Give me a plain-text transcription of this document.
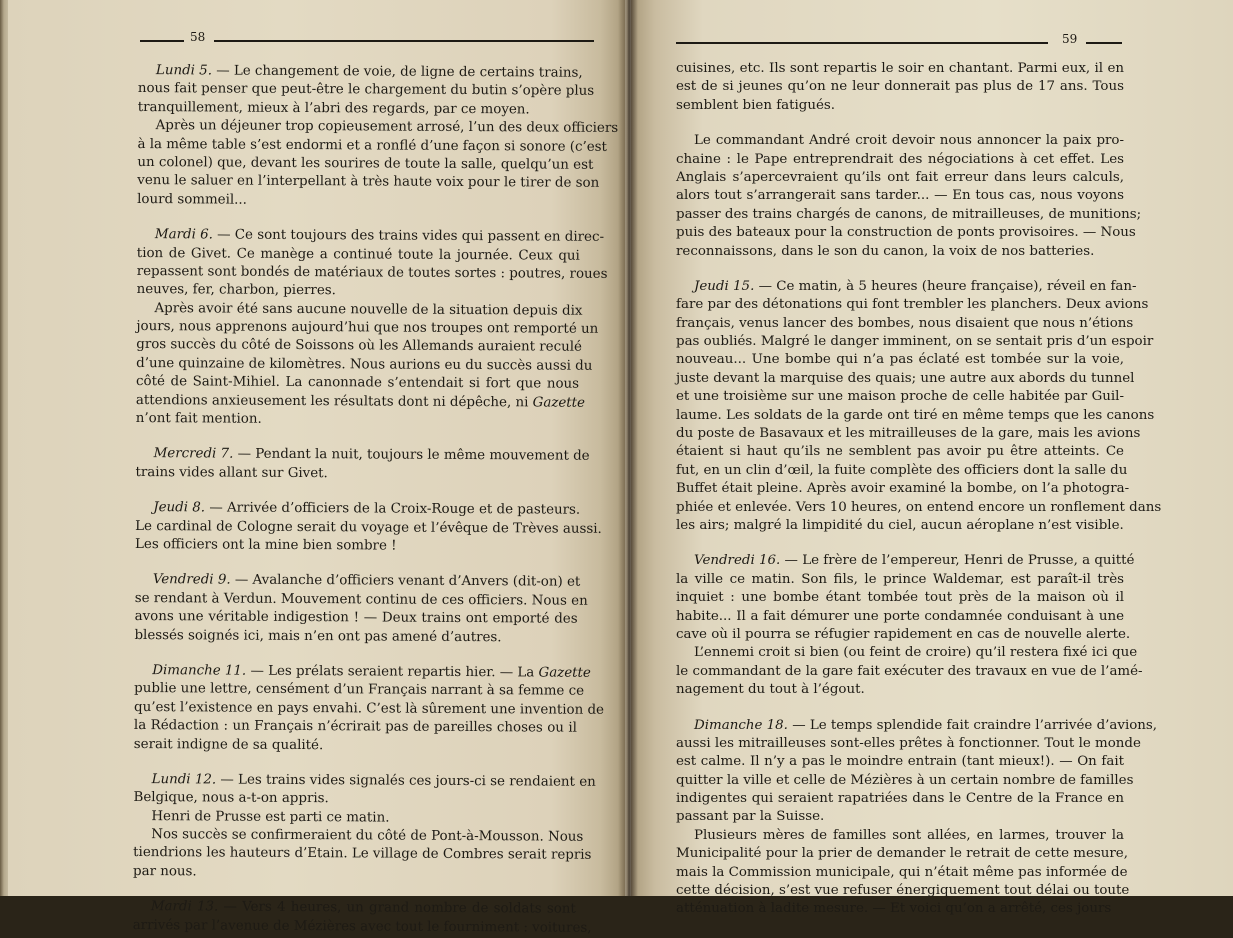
58
Lundi 5. — Le changement de voie, de ligne de certains trains,
nous fait penser que peut-être le chargement du butin s’opère plus
tranquillement, mieux à l’abri des regards, par ce moyen.
Après un déjeuner trop copieusement arrosé, l’un des deux officiers
à la même table s’est endormi et a ronflé d’une façon si sonore (c’est
un colonel) que, devant les sourires de toute la salle, quelqu’un est
venu le saluer en l’interpellant à très haute voix pour le tirer de son
lourd sommeil...
Mardi 6. — Ce sont toujours des trains vides qui passent en direc-
tion de Givet. Ce manège a continué toute la journée. Ceux qui
repassent sont bondés de matériaux de toutes sortes : poutres, roues
neuves, fer, charbon, pierres.
Après avoir été sans aucune nouvelle de la situation depuis dix
jours, nous apprenons aujourd’hui que nos troupes ont remporté un
gros succès du côté de Soissons où les Allemands auraient reculé
d’une quinzaine de kilomètres. Nous aurions eu du succès aussi du
côté de Saint-Mihiel. La canonnade s’entendait si fort que nous
attendions anxieusement les résultats dont ni dépêche, ni Gazette
n’ont fait mention.
Mercredi 7. — Pendant la nuit, toujours le même mouvement de
trains vides allant sur Givet.
Jeudi 8. — Arrivée d’officiers de la Croix-Rouge et de pasteurs.
Le cardinal de Cologne serait du voyage et l’évêque de Trèves aussi.
Les officiers ont la mine bien sombre !
Vendredi 9. — Avalanche d’officiers venant d’Anvers (dit-on) et
se rendant à Verdun. Mouvement continu de ces officiers. Nous en
avons une véritable indigestion ! — Deux trains ont emporté des
blessés soignés ici, mais n’en ont pas amené d’autres.
Dimanche 11. — Les prélats seraient repartis hier. — La Gazette
publie une lettre, censément d’un Français narrant à sa femme ce
qu’est l’existence en pays envahi. C’est là sûrement une invention de
la Rédaction : un Français n’écrirait pas de pareilles choses ou il
serait indigne de sa qualité.
Lundi 12. — Les trains vides signalés ces jours-ci se rendaient en
Belgique, nous a-t-on appris.
Henri de Prusse est parti ce matin.
Nos succès se confirmeraient du côté de Pont-à-Mousson. Nous
tiendrions les hauteurs d’Etain. Le village de Combres serait repris
par nous.
Mardi 13. — Vers 4 heures, un grand nombre de soldats sont
arrivés par l’avenue de Mézières avec tout le fourniment : voitures,
59
cuisines, etc. Ils sont repartis le soir en chantant. Parmi eux, il en
est de si jeunes qu’on ne leur donnerait pas plus de 17 ans. Tous
semblent bien fatigués.
Le commandant André croit devoir nous annoncer la paix pro-
chaine : le Pape entreprendrait des négociations à cet effet. Les
Anglais s’apercevraient qu’ils ont fait erreur dans leurs calculs,
alors tout s’arrangerait sans tarder... — En tous cas, nous voyons
passer des trains chargés de canons, de mitrailleuses, de munitions;
puis des bateaux pour la construction de ponts provisoires. — Nous
reconnaissons, dans le son du canon, la voix de nos batteries.
Jeudi 15. — Ce matin, à 5 heures (heure française), réveil en fan-
fare par des détonations qui font trembler les planchers. Deux avions
français, venus lancer des bombes, nous disaient que nous n’étions
pas oubliés. Malgré le danger imminent, on se sentait pris d’un espoir
nouveau... Une bombe qui n’a pas éclaté est tombée sur la voie,
juste devant la marquise des quais; une autre aux abords du tunnel
et une troisième sur une maison proche de celle habitée par Guil-
laume. Les soldats de la garde ont tiré en même temps que les canons
du poste de Basavaux et les mitrailleuses de la gare, mais les avions
étaient si haut qu’ils ne semblent pas avoir pu être atteints. Ce
fut, en un clin d’œil, la fuite complète des officiers dont la salle du
Buffet était pleine. Après avoir examiné la bombe, on l’a photogra-
phiée et enlevée. Vers 10 heures, on entend encore un ronflement dans
les airs; malgré la limpidité du ciel, aucun aéroplane n’est visible.
Vendredi 16. — Le frère de l’empereur, Henri de Prusse, a quitté
la ville ce matin. Son fils, le prince Waldemar, est paraît-il très
inquiet : une bombe étant tombée tout près de la maison où il
habite... Il a fait démurer une porte condamnée conduisant à une
cave où il pourra se réfugier rapidement en cas de nouvelle alerte.
L’ennemi croit si bien (ou feint de croire) qu’il restera fixé ici que
le commandant de la gare fait exécuter des travaux en vue de l’amé-
nagement du tout à l’égout.
Dimanche 18. — Le temps splendide fait craindre l’arrivée d’avions,
aussi les mitrailleuses sont-elles prêtes à fonctionner. Tout le monde
est calme. Il n’y a pas le moindre entrain (tant mieux!). — On fait
quitter la ville et celle de Mézières à un certain nombre de familles
indigentes qui seraient rapatriées dans le Centre de la France en
passant par la Suisse.
Plusieurs mères de familles sont allées, en larmes, trouver la
Municipalité pour la prier de demander le retrait de cette mesure,
mais la Commission municipale, qui n’était même pas informée de
cette décision, s’est vue refuser énergiquement tout délai ou toute
atténuation à ladite mesure. — Et voici qu’on a arrêté, ces jours
